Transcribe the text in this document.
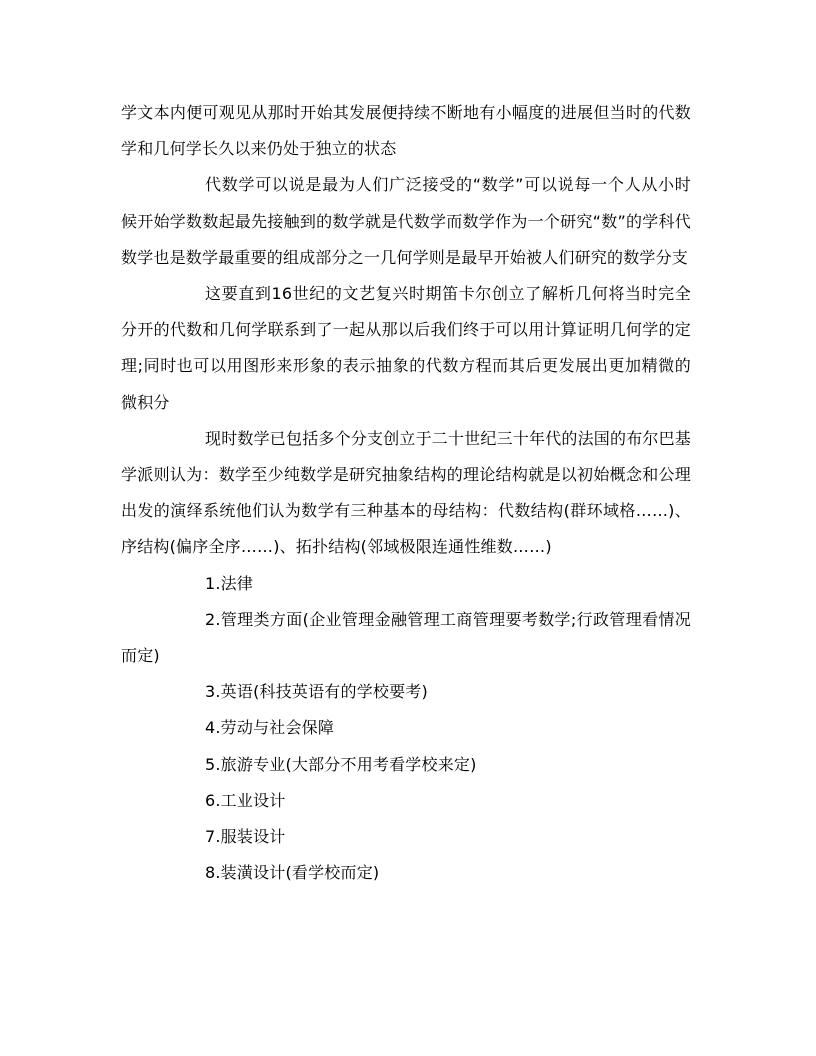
学文本内便可观见从那时开始其发展便持续不断地有小幅度的进展但当时的代数学和几何学长久以来仍处于独立的状态

代数学可以说是最为人们广泛接受的“数学”可以说每一个人从小时候开始学数数起最先接触到的数学就是代数学而数学作为一个研究“数”的学科代数学也是数学最重要的组成部分之一几何学则是最早开始被人们研究的数学分支

这要直到16世纪的文艺复兴时期笛卡尔创立了解析几何将当时完全分开的代数和几何学联系到了一起从那以后我们终于可以用计算证明几何学的定理;同时也可以用图形来形象的表示抽象的代数方程而其后更发展出更加精微的微积分

现时数学已包括多个分支创立于二十世纪三十年代的法国的布尔巴基学派则认为：数学至少纯数学是研究抽象结构的理论结构就是以初始概念和公理出发的演绎系统他们认为数学有三种基本的母结构：代数结构(群环域格……)、序结构(偏序全序……)、拓扑结构(邻域极限连通性维数……)

1.法律

2.管理类方面(企业管理金融管理工商管理要考数学;行政管理看情况而定)

3.英语(科技英语有的学校要考)

4.劳动与社会保障

5.旅游专业(大部分不用考看学校来定)

6.工业设计

7.服装设计

8.装潢设计(看学校而定)
